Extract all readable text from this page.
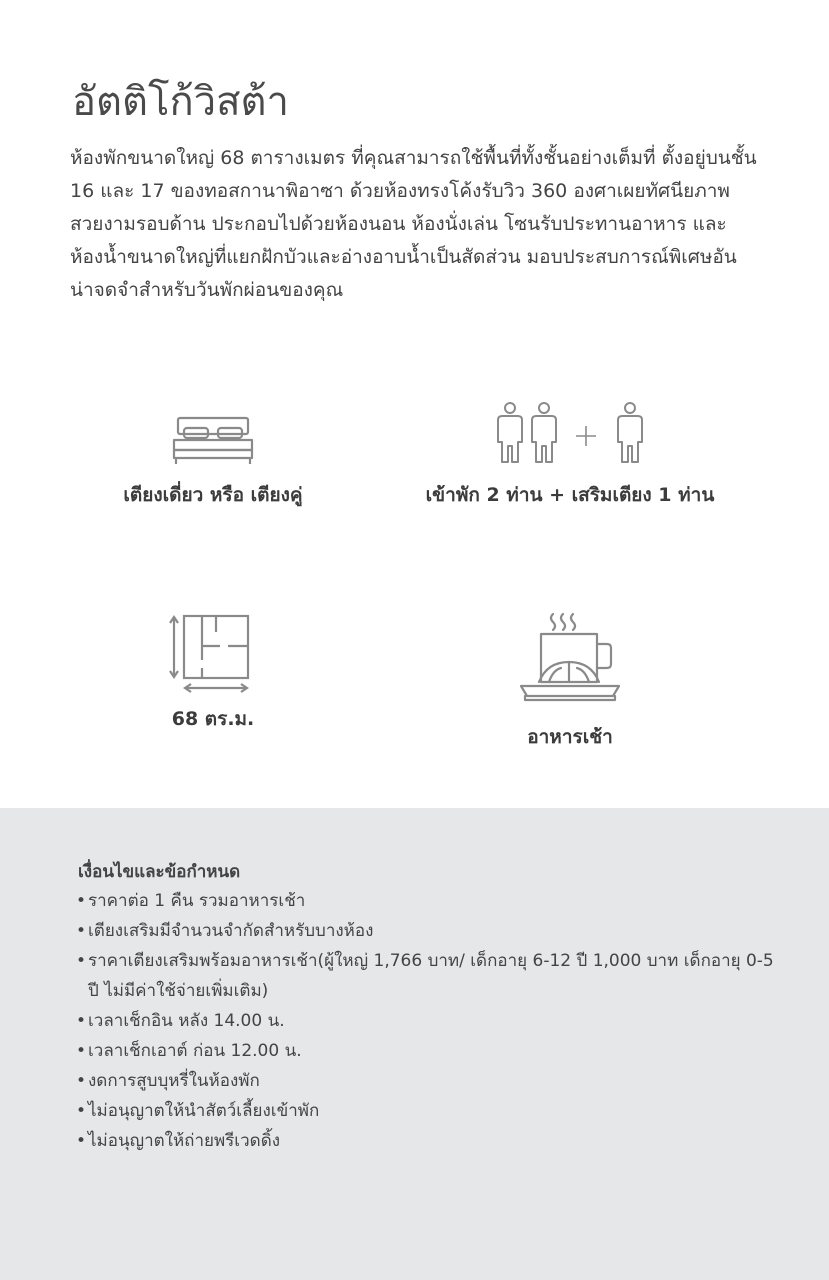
อัตติโก้วิสต้า

ห้องพักขนาดใหญ่ 68 ตารางเมตร ที่คุณสามารถใช้พื้นที่ทั้งชั้นอย่างเต็มที่ ตั้งอยู่บนชั้น 16 และ 17 ของทอสกานาพิอาซา ด้วยห้องทรงโค้งรับวิว 360 องศาเผยทัศนียภาพสวยงามรอบด้าน ประกอบไปด้วยห้องนอน ห้องนั่งเล่น โซนรับประทานอาหาร และห้องน้ำขนาดใหญ่ที่แยกฝักบัวและอ่างอาบน้ำเป็นสัดส่วน มอบประสบการณ์พิเศษอันน่าจดจำสำหรับวันพักผ่อนของคุณ

เตียงเดี่ยว หรือ เตียงคู่	เข้าพัก 2 ท่าน + เสริมเตียง 1 ท่าน
68 ตร.ม.
อาหารเช้า
เงื่อนไขและข้อกำหนด
• ราคาต่อ 1 คืน รวมอาหารเช้า
• เตียงเสริมมีจำนวนจำกัดสำหรับบางห้อง
• ราคาเตียงเสริมพร้อมอาหารเช้า(ผู้ใหญ่ 1,766 บาท/ เด็กอายุ 6-12 ปี 1,000 บาท เด็กอายุ 0-5 ปี ไม่มีค่าใช้จ่ายเพิ่มเติม)
• เวลาเช็กอิน หลัง 14.00 น.
• เวลาเช็กเอาต์ ก่อน 12.00 น.
• งดการสูบบุหรี่ในห้องพัก
• ไม่อนุญาตให้นำสัตว์เลี้ยงเข้าพัก
• ไม่อนุญาตให้ถ่ายพรีเวดดิ้ง
